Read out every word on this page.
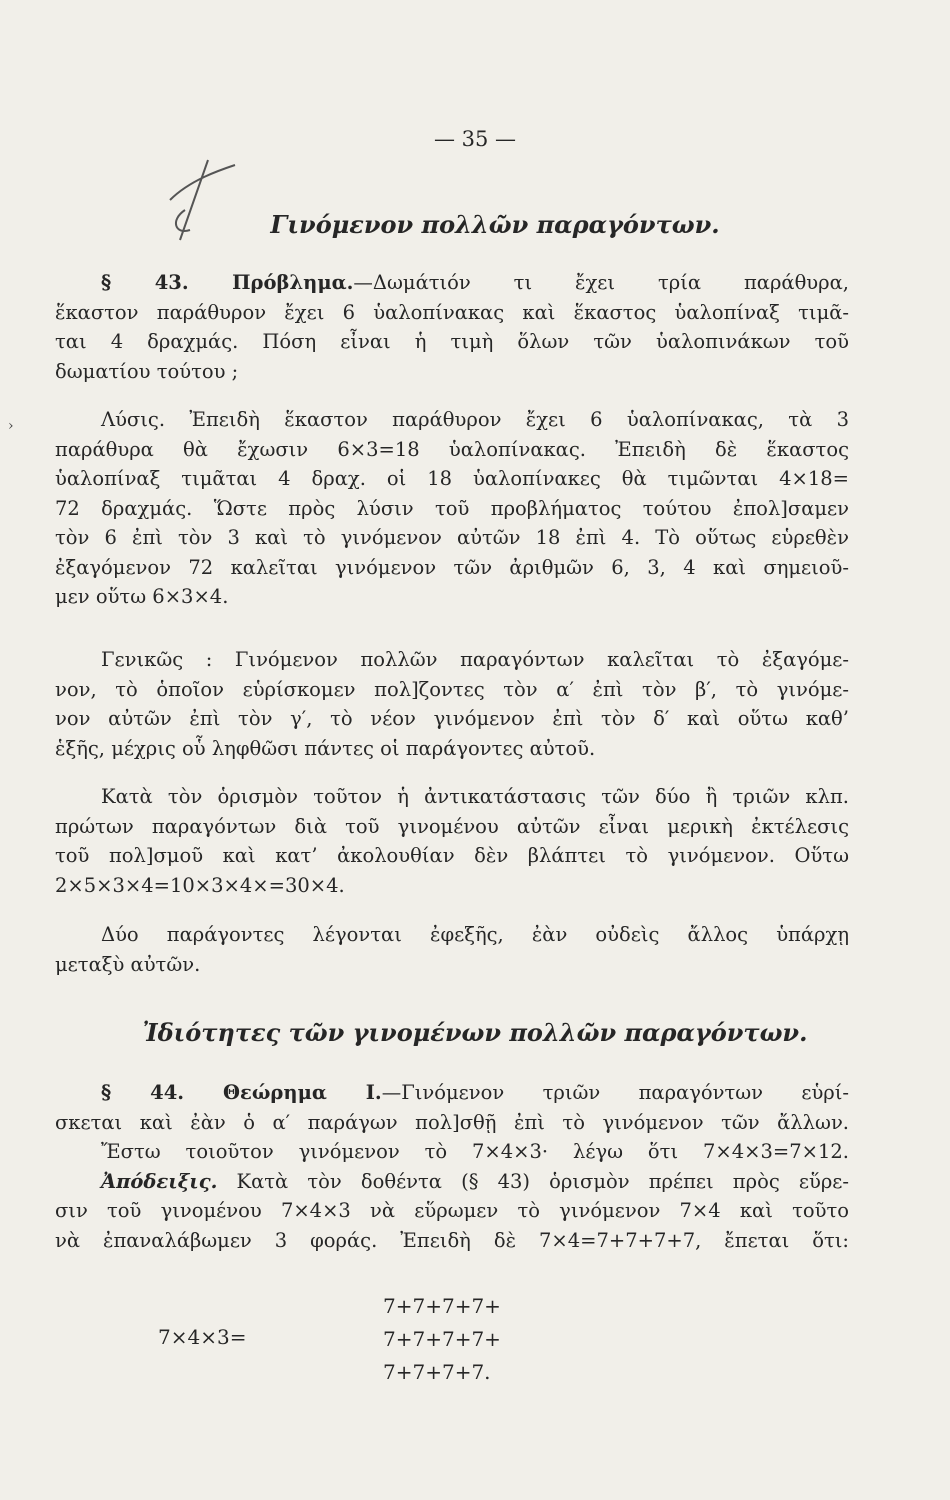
— 35 —
Γινόμενον πολλῶν παραγόντων.

§ 43. Πρόβλημα.—Δωμάτιόν τι ἔχει τρία παράθυρα,

ἕκαστον παράθυρον ἔχει 6 ὑαλοπίνακας καὶ ἕκαστος ὑαλοπίναξ τιμᾶ-

ται 4 δραχμάς. Πόση εἶναι ἡ τιμὴ ὅλων τῶν ὑαλοπινάκων τοῦ

δωματίου τούτου ;

›	Λύσις. Ἐπειδὴ ἕκαστον παράθυρον ἔχει 6 ὑαλοπίνακας, τὰ 3

παράθυρα θὰ ἔχωσιν 6×3=18 ὑαλοπίνακας. Ἐπειδὴ δὲ ἕκαστος

ὑαλοπίναξ τιμᾶται 4 δραχ. οἱ 18 ὑαλοπίνακες θὰ τιμῶνται 4×18=

72 δραχμάς. Ὥστε πρὸς λύσιν τοῦ προβλήματος τούτου ἐπολ]σαμεν

τὸν 6 ἐπὶ τὸν 3 καὶ τὸ γινόμενον αὐτῶν 18 ἐπὶ 4. Τὸ οὕτως εὑρεθὲν

ἐξαγόμενον 72 καλεῖται γινόμενον τῶν ἀριθμῶν 6, 3, 4 καὶ σημειοῦ-

μεν οὕτω 6×3×4.

Γενικῶς : Γινόμενον πολλῶν παραγόντων καλεῖται τὸ ἐξαγόμε-

νον, τὸ ὁποῖον εὑρίσκομεν πολ]ζοντες τὸν α′ ἐπὶ τὸν β′, τὸ γινόμε-

νον αὐτῶν ἐπὶ τὸν γ′, τὸ νέον γινόμενον ἐπὶ τὸν δ′ καὶ οὕτω καθ’

ἑξῆς, μέχρις οὗ ληφθῶσι πάντες οἱ παράγοντες αὐτοῦ.

Κατὰ τὸν ὁρισμὸν τοῦτον ἡ ἀντικατάστασις τῶν δύο ἢ τριῶν κλπ.

πρώτων παραγόντων διὰ τοῦ γινομένου αὐτῶν εἶναι μερικὴ ἐκτέλεσις

τοῦ πολ]σμοῦ καὶ κατ’ ἀκολουθίαν δὲν βλάπτει τὸ γινόμενον. Οὕτω

2×5×3×4=10×3×4×=30×4.

Δύο παράγοντες λέγονται ἐφεξῆς, ἐὰν οὐδεὶς ἄλλος ὑπάρχῃ

μεταξὺ αὐτῶν.

Ἰδιότητες τῶν γινομένων πολλῶν παραγόντων.

§ 44. Θεώρημα I.—Γινόμενον τριῶν παραγόντων εὑρί-

σκεται καὶ ἐὰν ὁ α′ παράγων πολ]σθῇ ἐπὶ τὸ γινόμενον τῶν ἄλλων.

Ἔστω τοιοῦτον γινόμενον τὸ 7×4×3· λέγω ὅτι 7×4×3=7×12.

Ἀπόδειξις. Κατὰ τὸν δοθέντα (§ 43) ὁρισμὸν πρέπει πρὸς εὕρε-

σιν τοῦ γινομένου 7×4×3 νὰ εὕρωμεν τὸ γινόμενον 7×4 καὶ τοῦτο

νὰ ἐπαναλάβωμεν 3 φοράς. Ἐπειδὴ δὲ 7×4=7+7+7+7, ἔπεται ὅτι:

7×4×3=
7+7+7+7+
7+7+7+7+
7+7+7+7.
